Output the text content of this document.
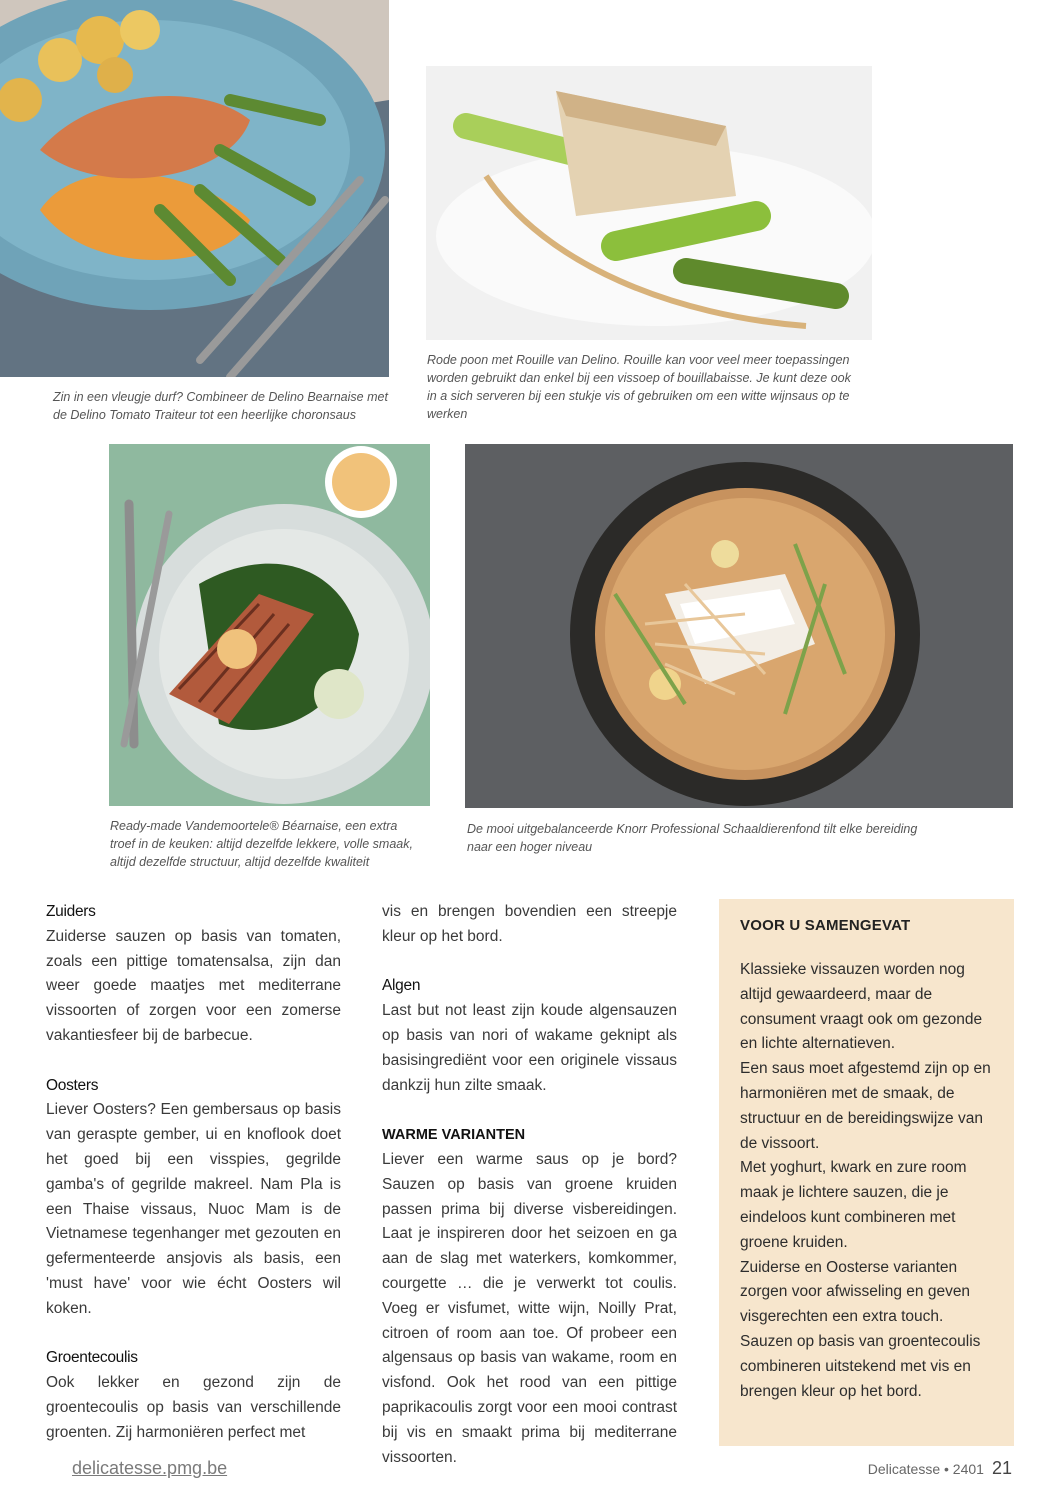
Zin in een vleugje durf? Combineer de Delino Bearnaise met de Delino Tomato Traiteur tot een heerlijke choronsaus
Rode poon met Rouille van Delino. Rouille kan voor veel meer toepassingen worden gebruikt dan enkel bij een vissoep of bouillabaisse. Je kunt deze ook in a sich serveren bij een stukje vis of gebruiken om een witte wijnsaus op te werken
Ready-made Vandemoortele® Béarnaise, een extra troef in de keuken: altijd dezelfde lekkere, volle smaak, altijd dezelfde structuur, altijd dezelfde kwaliteit
De mooi uitgebalanceerde Knorr Professional Schaaldierenfond tilt elke bereiding naar een hoger niveau
Zuiders

Zuiderse sauzen op basis van tomaten, zoals een pittige tomatensalsa, zijn dan weer goede maatjes met mediterrane vissoorten of zorgen voor een zomerse vakantiesfeer bij de barbecue.

Oosters

Liever Oosters? Een gembersaus op basis van geraspte gember, ui en knoflook doet het goed bij een visspies, gegrilde gamba's of gegrilde makreel. Nam Pla is een Thaise vissaus, Nuoc Mam is de Vietnamese tegenhanger met gezouten en gefermenteerde ansjovis als basis, een 'must have' voor wie écht Oosters wil koken.

Groentecoulis

Ook lekker en gezond zijn de groentecoulis op basis van verschillende groenten. Zij harmoniëren perfect met

vis en brengen bovendien een streepje kleur op het bord.

Algen

Last but not least zijn koude algensauzen op basis van nori of wakame geknipt als basisingrediënt voor een originele vissaus dankzij hun zilte smaak.

WARME VARIANTEN

Liever een warme saus op je bord? Sauzen op basis van groene kruiden passen prima bij diverse visbereidingen. Laat je inspireren door het seizoen en ga aan de slag met waterkers, komkommer, courgette … die je verwerkt tot coulis. Voeg er visfumet, witte wijn, Noilly Prat, citroen of room aan toe. Of probeer een algensaus op basis van wakame, room en visfond. Ook het rood van een pittige paprikacoulis zorgt voor een mooi contrast bij vis en smaakt prima bij mediterrane vissoorten.

VOOR U SAMENGEVAT

Klassieke vissauzen worden nog altijd gewaardeerd, maar de consument vraagt ook om gezonde en lichte alternatieven.

Een saus moet afgestemd zijn op en harmoniëren met de smaak, de structuur en de bereidingswijze van de vissoort.

Met yoghurt, kwark en zure room maak je lichtere sauzen, die je eindeloos kunt combineren met groene kruiden.

Zuiderse en Oosterse varianten zorgen voor afwisseling en geven visgerechten een extra touch.

Sauzen op basis van groentecoulis combineren uitstekend met vis en brengen kleur op het bord.

delicatesse.pmg.be	Delicatesse • 2401 21
